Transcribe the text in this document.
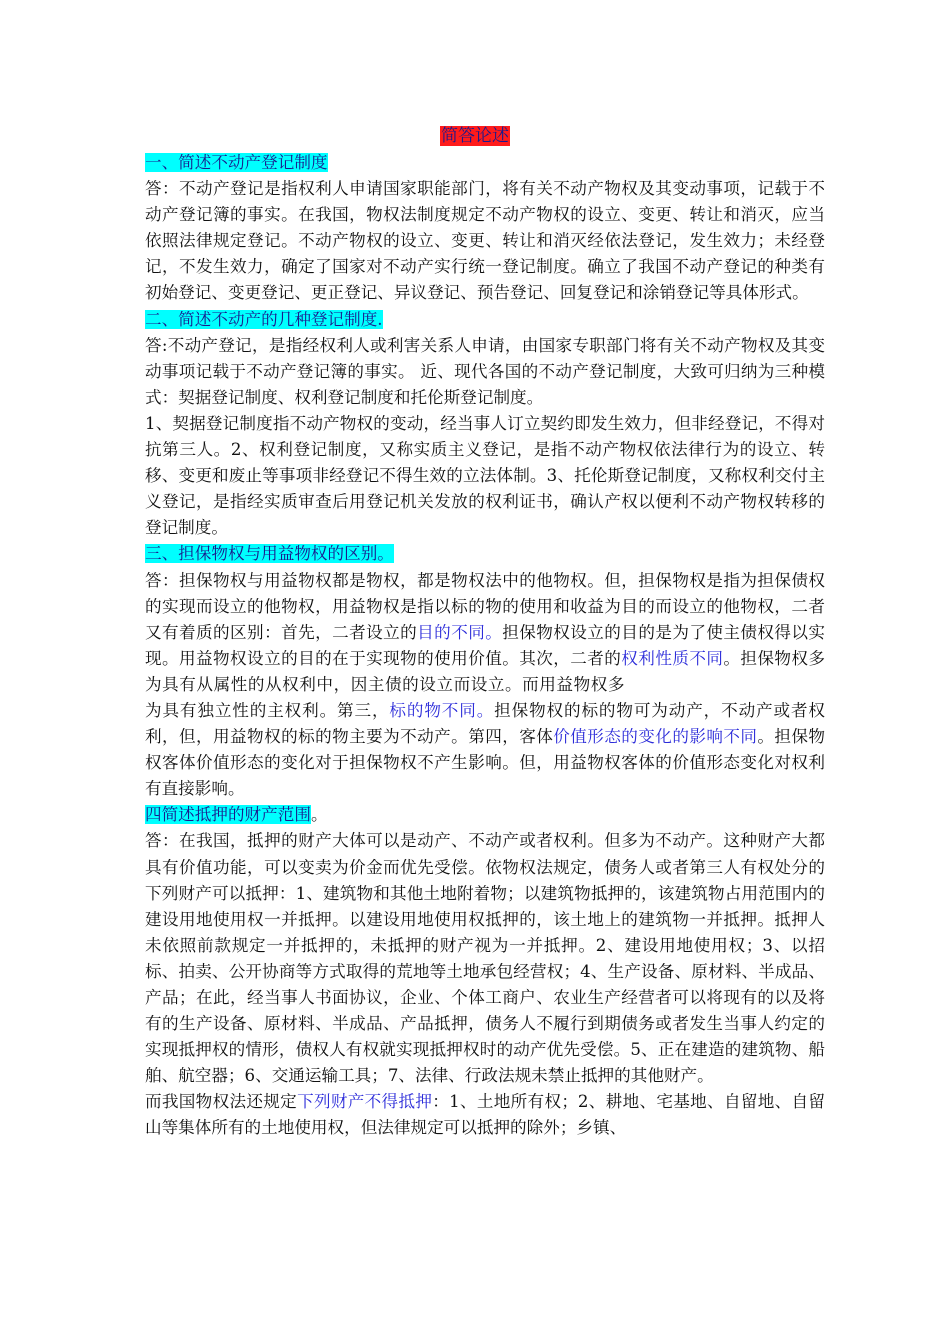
简答论述

一、简述不动产登记制度

答：不动产登记是指权利人申请国家职能部门，将有关不动产物权及其变动事项，记载于不动产登记簿的事实。在我国，物权法制度规定不动产物权的设立、变更、转让和消灭，应当依照法律规定登记。不动产物权的设立、变更、转让和消灭经依法登记，发生效力；未经登记，不发生效力，确定了国家对不动产实行统一登记制度。确立了我国不动产登记的种类有初始登记、变更登记、更正登记、异议登记、预告登记、回复登记和涂销登记等具体形式。

二、简述不动产的几种登记制度.

答:不动产登记，是指经权利人或利害关系人申请，由国家专职部门将有关不动产物权及其变动事项记载于不动产登记簿的事实。 近、现代各国的不动产登记制度，大致可归纳为三种模式：契据登记制度、权利登记制度和托伦斯登记制度。

1、契据登记制度指不动产物权的变动，经当事人订立契约即发生效力，但非经登记，不得对抗第三人。2、权利登记制度，又称实质主义登记，是指不动产物权依法律行为的设立、转移、变更和废止等事项非经登记不得生效的立法体制。3、托伦斯登记制度，又称权利交付主义登记，是指经实质审查后用登记机关发放的权利证书，确认产权以便利不动产物权转移的登记制度。

三、担保物权与用益物权的区别。

答：担保物权与用益物权都是物权，都是物权法中的他物权。但，担保物权是指为担保债权的实现而设立的他物权，用益物权是指以标的物的使用和收益为目的而设立的他物权，二者又有着质的区别：首先，二者设立的目的不同。担保物权设立的目的是为了使主债权得以实现。用益物权设立的目的在于实现物的使用价值。其次，二者的权利性质不同。担保物权多为具有从属性的从权利中，因主债的设立而设立。而用益物权多为具有独立性的主权利。第三，标的物不同。担保物权的标的物可为动产，不动产或者权利，但，用益物权的标的物主要为不动产。第四，客体价值形态的变化的影响不同。担保物权客体价值形态的变化对于担保物权不产生影响。但，用益物权客体的价值形态变化对权利有直接影响。

四简述抵押的财产范围。

答：在我国，抵押的财产大体可以是动产、不动产或者权利。但多为不动产。这种财产大都具有价值功能，可以变卖为价金而优先受偿。依物权法规定，债务人或者第三人有权处分的下列财产可以抵押：1、建筑物和其他土地附着物；以建筑物抵押的，该建筑物占用范围内的建设用地使用权一并抵押。以建设用地使用权抵押的，该土地上的建筑物一并抵押。抵押人未依照前款规定一并抵押的，未抵押的财产视为一并抵押。2、建设用地使用权；3、以招标、拍卖、公开协商等方式取得的荒地等土地承包经营权；4、生产设备、原材料、半成品、产品；在此，经当事人书面协议，企业、个体工商户、农业生产经营者可以将现有的以及将有的生产设备、原材料、半成品、产品抵押，债务人不履行到期债务或者发生当事人约定的实现抵押权的情形，债权人有权就实现抵押权时的动产优先受偿。5、正在建造的建筑物、船舶、航空器；6、交通运输工具；7、法律、行政法规未禁止抵押的其他财产。

而我国物权法还规定下列财产不得抵押：1、土地所有权；2、耕地、宅基地、自留地、自留山等集体所有的土地使用权，但法律规定可以抵押的除外；乡镇、
